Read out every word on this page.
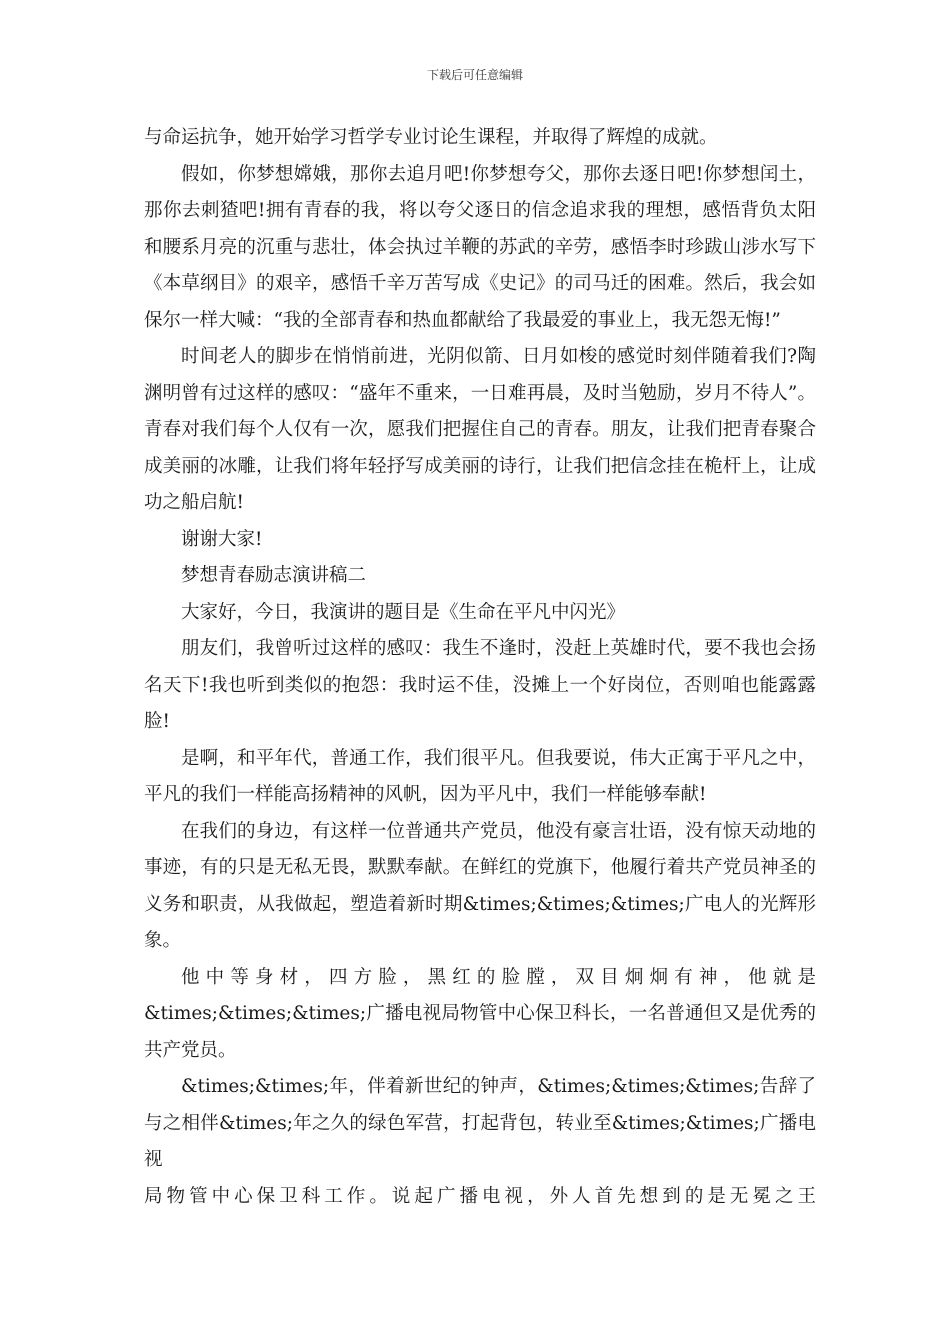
下载后可任意编辑

与命运抗争，她开始学习哲学专业讨论生课程，并取得了辉煌的成就。

假如，你梦想嫦娥，那你去追月吧!你梦想夸父，那你去逐日吧!你梦想闰土，那你去刺猹吧!拥有青春的我，将以夸父逐日的信念追求我的理想，感悟背负太阳和腰系月亮的沉重与悲壮，体会执过羊鞭的苏武的辛劳，感悟李时珍跋山涉水写下《本草纲目》的艰辛，感悟千辛万苦写成《史记》的司马迁的困难。然后，我会如保尔一样大喊：“我的全部青春和热血都献给了我最爱的事业上，我无怨无悔!”

时间老人的脚步在悄悄前进，光阴似箭、日月如梭的感觉时刻伴随着我们?陶渊明曾有过这样的感叹：“盛年不重来，一日难再晨，及时当勉励，岁月不待人”。青春对我们每个人仅有一次，愿我们把握住自己的青春。朋友，让我们把青春聚合成美丽的冰雕，让我们将年轻抒写成美丽的诗行，让我们把信念挂在桅杆上，让成功之船启航!

谢谢大家!

梦想青春励志演讲稿二

大家好，今日，我演讲的题目是《生命在平凡中闪光》

朋友们，我曾听过这样的感叹：我生不逢时，没赶上英雄时代，要不我也会扬名天下!我也听到类似的抱怨：我时运不佳，没摊上一个好岗位，否则咱也能露露脸!

是啊，和平年代，普通工作，我们很平凡。但我要说，伟大正寓于平凡之中，平凡的我们一样能高扬精神的风帆，因为平凡中，我们一样能够奉献!

在我们的身边，有这样一位普通共产党员，他没有豪言壮语，没有惊天动地的事迹，有的只是无私无畏，默默奉献。在鲜红的党旗下，他履行着共产党员神圣的义务和职责，从我做起，塑造着新时期&times;&times;&times;广电人的光辉形象。

他中等身材，四方脸，黑红的脸膛，双目炯炯有神，他就是

&times;&times;&times;广播电视局物管中心保卫科长，一名普通但又是优秀的共产党员。

&times;&times;年，伴着新世纪的钟声，&times;&times;&times;告辞了与之相伴&times;年之久的绿色军营，打起背包，转业至&times;&times;广播电视

局物管中心保卫科工作。说起广播电视，外人首先想到的是无冕之王
